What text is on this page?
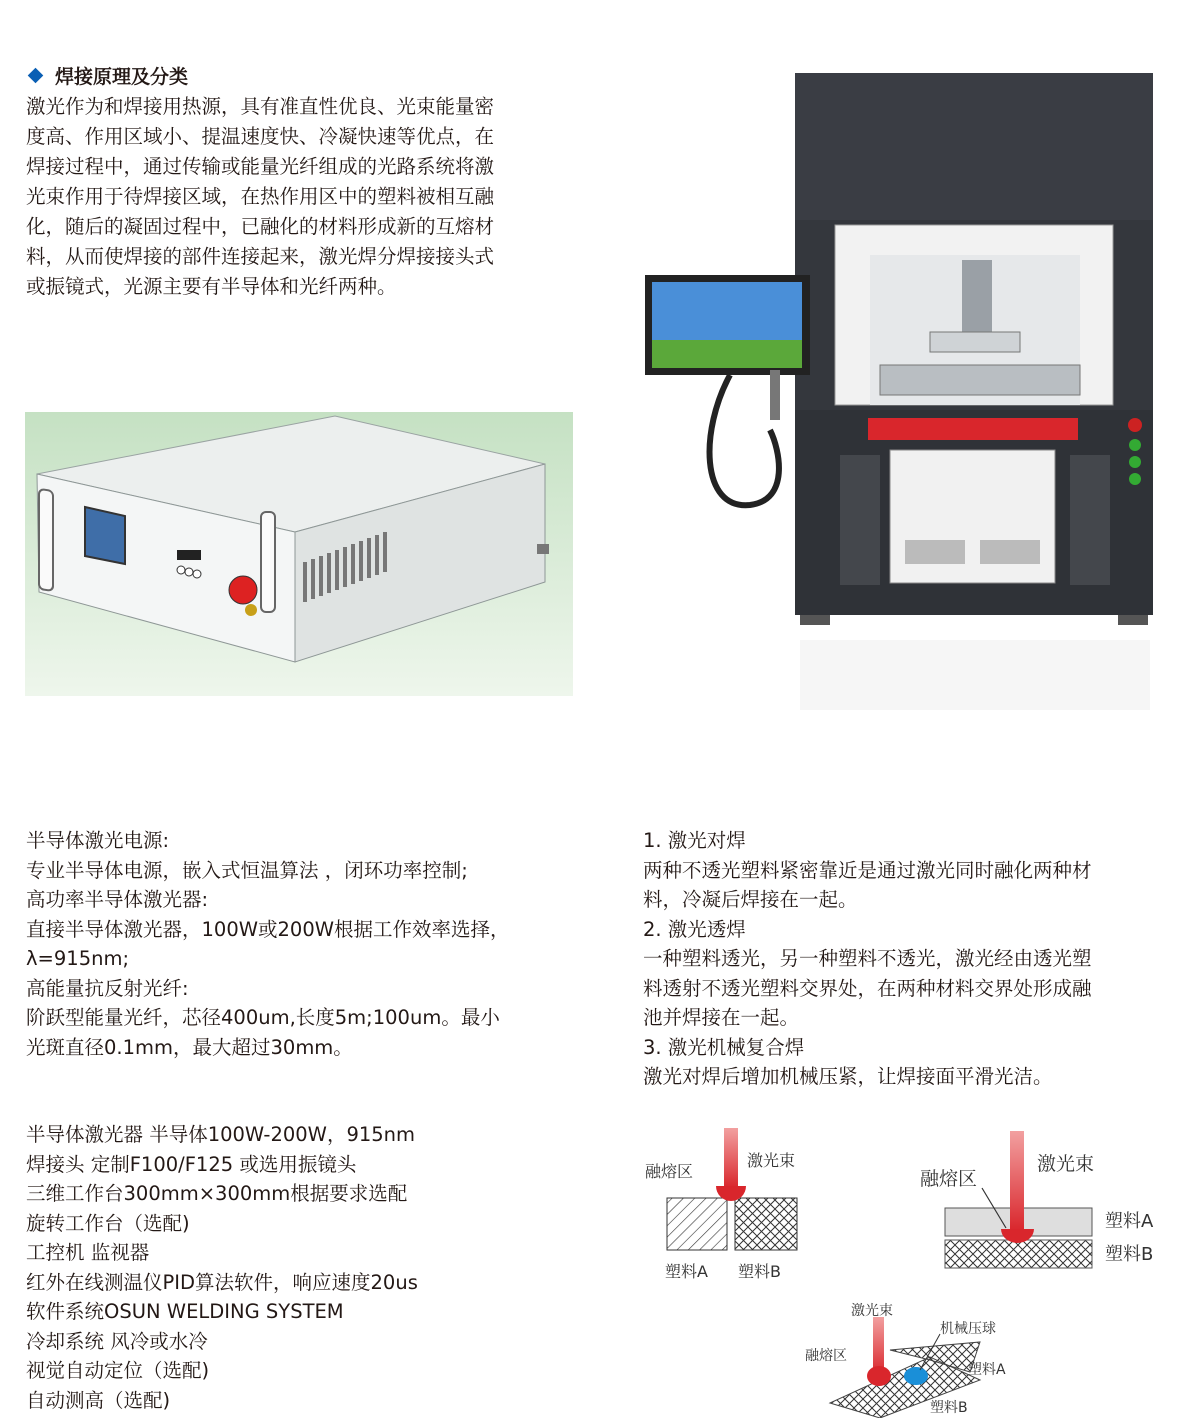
焊接原理及分类

激光作为和焊接用热源，具有准直性优良、光束能量密

度高、作用区域小、提温速度快、冷凝快速等优点，在

焊接过程中，通过传输或能量光纤组成的光路系统将激

光束作用于待焊接区域，在热作用区中的塑料被相互融

化，随后的凝固过程中，已融化的材料形成新的互熔材

料，从而使焊接的部件连接起来，激光焊分焊接接头式

或振镜式，光源主要有半导体和光纤两种。

半导体激光电源:

专业半导体电源，嵌入式恒温算法 ，闭环功率控制;

高功率半导体激光器:

直接半导体激光器，100W或200W根据工作效率选择，

λ=915nm;

高能量抗反射光纤:

阶跃型能量光纤，芯径400um,长度5m;100um。最小

光斑直径0.1mm，最大超过30mm。

半导体激光器 半导体100W-200W，915nm

焊接头 定制F100/F125 或选用振镜头

三维工作台300mm×300mm根据要求选配

旋转工作台（选配)

工控机 监视器

红外在线测温仪PID算法软件，响应速度20us

软件系统OSUN WELDING SYSTEM

冷却系统 风冷或水冷

视觉自动定位（选配)

自动测高（选配)

1. 激光对焊

两种不透光塑料紧密靠近是通过激光同时融化两种材

料，冷凝后焊接在一起。

2. 激光透焊

一种塑料透光，另一种塑料不透光，激光经由透光塑

料透射不透光塑料交界处，在两种材料交界处形成融

池并焊接在一起。

3. 激光机械复合焊

激光对焊后增加机械压紧，让焊接面平滑光洁。

融熔区
激光束
塑料A 塑料B
融熔区
激光束
塑料A
塑料B
激光束
机械压球
融熔区
塑料A
塑料B
